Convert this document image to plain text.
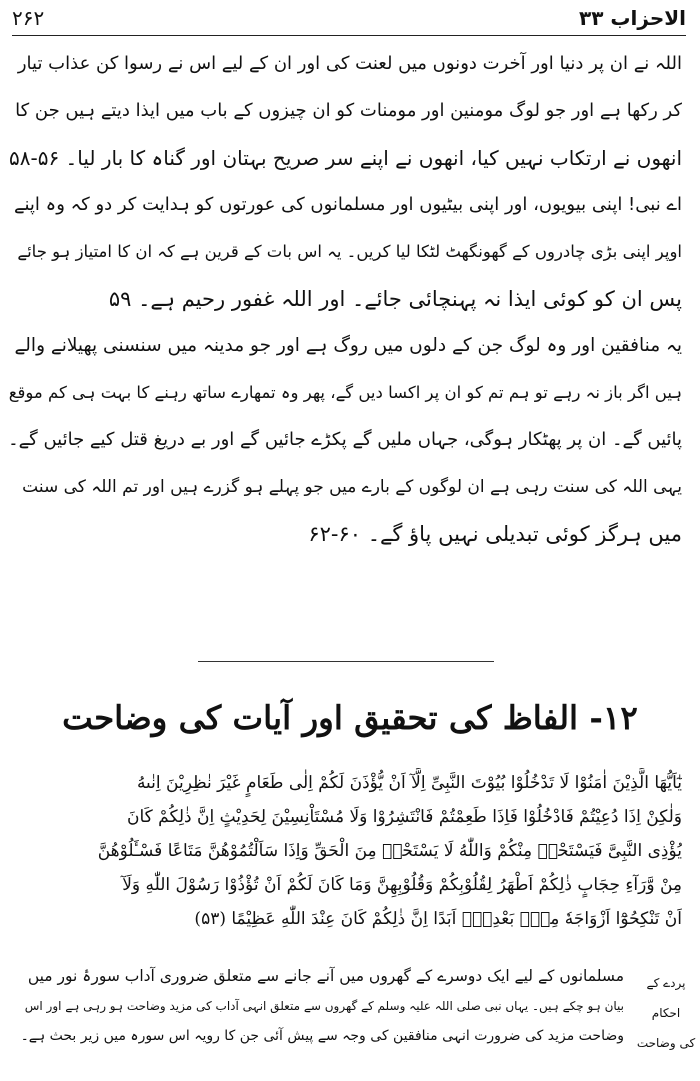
۲۶۲	الاحزاب ۳۳
اللہ نے ان پر دنیا اور آخرت دونوں میں لعنت کی اور ان کے لیے اس نے رسوا کن عذاب تیار
کر رکھا ہے اور جو لوگ مومنین اور مومنات کو ان چیزوں کے باب میں ایذا دیتے ہیں جن کا
انھوں نے ارتکاب نہیں کیا، انھوں نے اپنے سر صریح بہتان اور گناہ کا بار لیا۔ ۵۶-۵۸
اے نبی! اپنی بیویوں، اور اپنی بیٹیوں اور مسلمانوں کی عورتوں کو ہدایت کر دو کہ وہ اپنے
اوپر اپنی بڑی چادروں کے گھونگھٹ لٹکا لیا کریں۔ یہ اس بات کے قرین ہے کہ ان کا امتیاز ہو جائے
پس ان کو کوئی ایذا نہ پہنچائی جائے۔ اور اللہ غفور رحیم ہے۔ ۵۹
یہ منافقین اور وہ لوگ جن کے دلوں میں روگ ہے اور جو مدینہ میں سنسنی پھیلانے والے
ہیں اگر باز نہ رہے تو ہم تم کو ان پر اکسا دیں گے، پھر وہ تمھارے ساتھ رہنے کا بہت ہی کم موقع
پائیں گے۔ ان پر پھٹکار ہوگی، جہاں ملیں گے پکڑے جائیں گے اور بے دریغ قتل کیے جائیں گے۔
یہی اللہ کی سنت رہی ہے ان لوگوں کے بارے میں جو پہلے ہو گزرے ہیں اور تم اللہ کی سنت
میں ہرگز کوئی تبدیلی نہیں پاؤ گے۔ ۶۰-۶۲
۱۲- الفاظ کی تحقیق اور آیات کی وضاحت
یٰٓاَیُّھَا الَّذِیْنَ اٰمَنُوْا لَا تَدْخُلُوْا بُیُوْتَ النَّبِیِّ اِلَّآ اَنْ یُّؤْذَنَ لَکُمْ اِلٰی طَعَامٍ غَیْرَ نٰظِرِیْنَ اِنٰىهُ
وَلٰکِنْ اِذَا دُعِیْتُمْ فَادْخُلُوْا فَاِذَا طَعِمْتُمْ فَانْتَشِرُوْا وَلَا مُسْتَاْنِسِیْنَ لِحَدِیْثٍ اِنَّ ذٰلِکُمْ کَانَ
یُؤْذِی النَّبِیَّ فَیَسْتَحْیٖ مِنْکُمْ وَاللّٰهُ لَا یَسْتَحْیٖ مِنَ الْحَقِّ وَاِذَا سَاَلْتُمُوْهُنَّ مَتَاعًا فَسْـَٔلُوْهُنَّ
مِنْ وَّرَآءِ حِجَابٍ ذٰلِکُمْ اَطْهَرُ لِقُلُوْبِکُمْ وَقُلُوْبِهِنَّ وَمَا کَانَ لَکُمْ اَنْ تُؤْذُوْا رَسُوْلَ اللّٰهِ وَلَآ
اَنْ تَنْکِحُوْٓا اَزْوَاجَهٗ مِنْۢ بَعْدِهٖٓ اَبَدًا اِنَّ ذٰلِکُمْ کَانَ عِنْدَ اللّٰهِ عَظِیْمًا (۵۳)
مسلمانوں کے لیے ایک دوسرے کے گھروں میں آنے جانے سے متعلق ضروری آداب سورۂ نور میں
بیان ہو چکے ہیں۔ یہاں نبی صلی اللہ علیہ وسلم کے گھروں سے متعلق انہی آداب کی مزید وضاحت ہو رہی ہے اور اس
وضاحت مزید کی ضرورت انہی منافقین کی وجہ سے پیش آئی جن کا رویہ اس سورہ میں زیر بحث ہے۔
پردے کے احکام
کی وضاحت
